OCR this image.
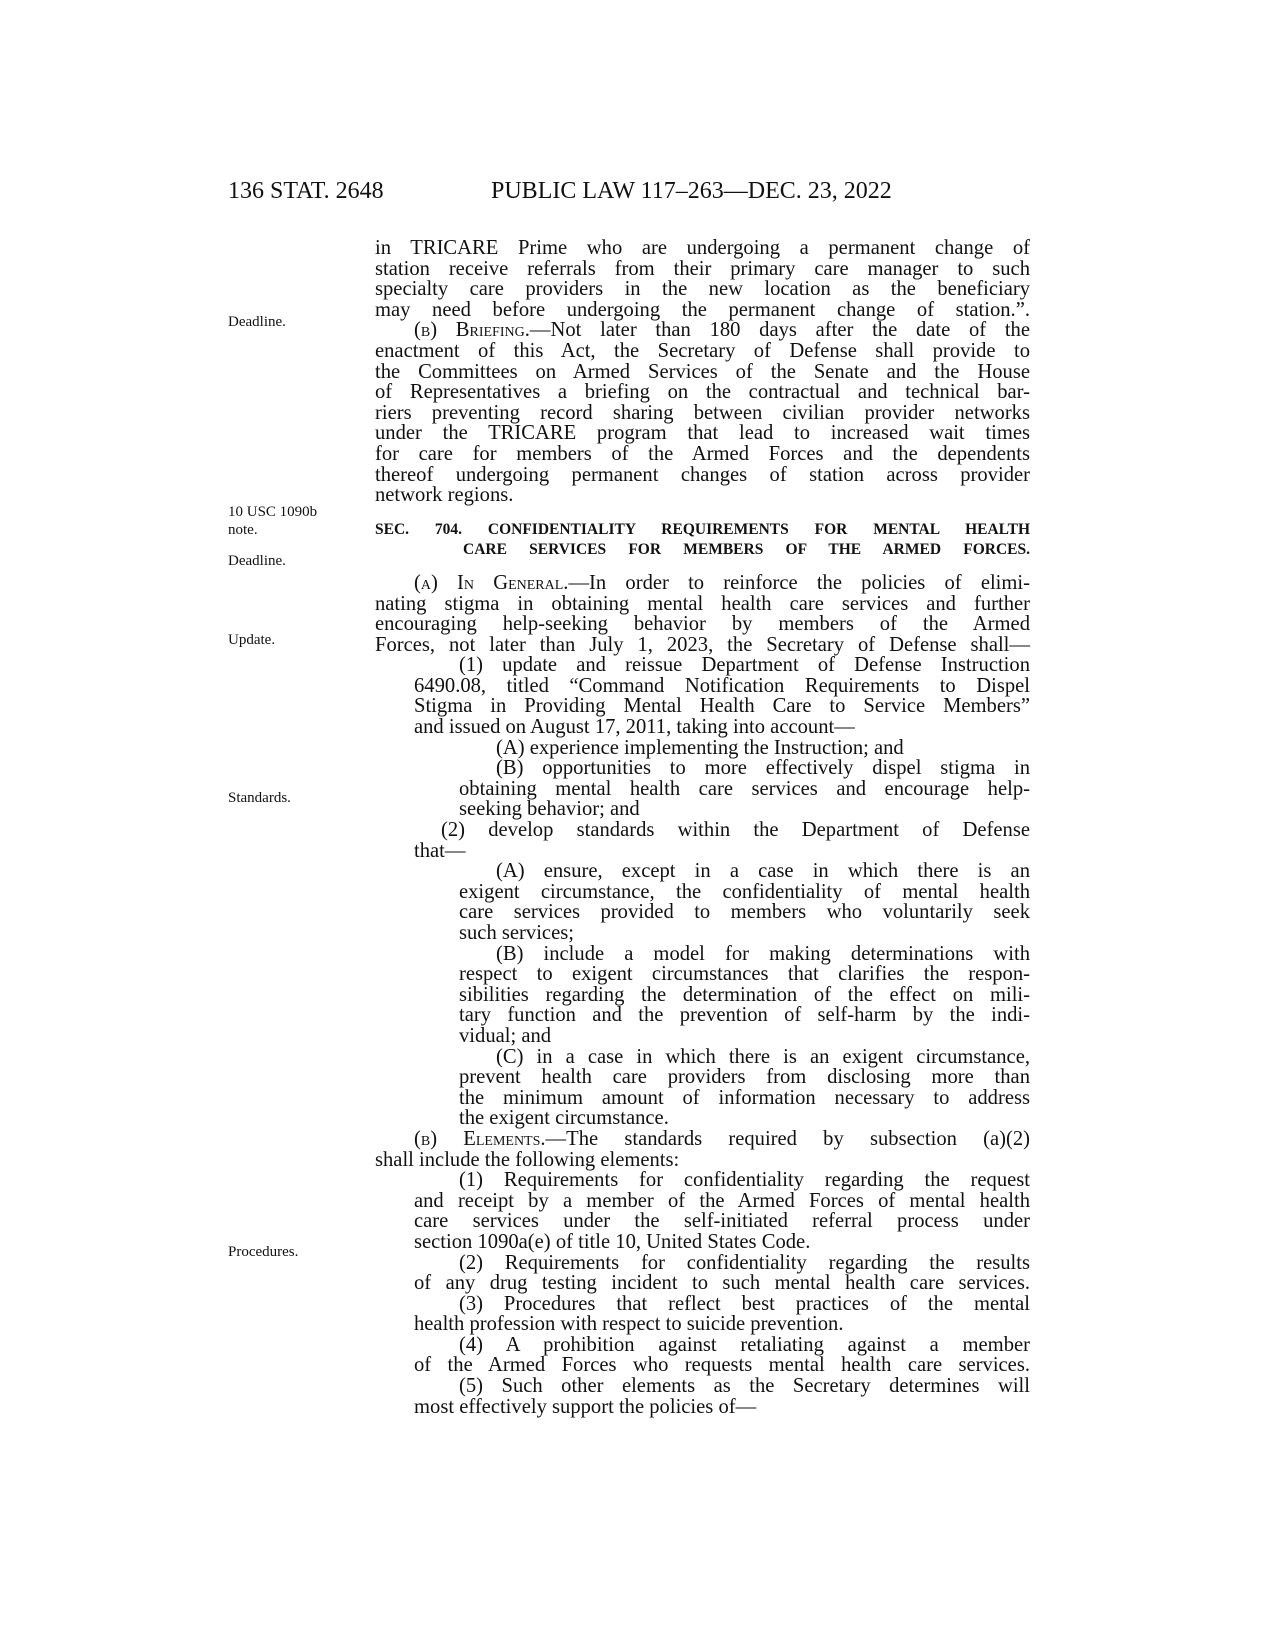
136 STAT. 2648	PUBLIC LAW 117–263—DEC. 23, 2022
Deadline.
10 USC 1090b
note.
Deadline.
Update.
Standards.
Procedures.
in TRICARE Prime who are undergoing a permanent change of
station receive referrals from their primary care manager to such
specialty care providers in the new location as the beneficiary
may need before undergoing the permanent change of station.”.
(b) Briefing.—Not later than 180 days after the date of the
enactment of this Act, the Secretary of Defense shall provide to
the Committees on Armed Services of the Senate and the House
of Representatives a briefing on the contractual and technical bar-
riers preventing record sharing between civilian provider networks
under the TRICARE program that lead to increased wait times
for care for members of the Armed Forces and the dependents
thereof undergoing permanent changes of station across provider
network regions.
SEC. 704. CONFIDENTIALITY REQUIREMENTS FOR MENTAL HEALTH
CARE SERVICES FOR MEMBERS OF THE ARMED FORCES.
(a) In General.—In order to reinforce the policies of elimi-
nating stigma in obtaining mental health care services and further
encouraging help-seeking behavior by members of the Armed
Forces, not later than July 1, 2023, the Secretary of Defense shall—
(1) update and reissue Department of Defense Instruction
6490.08, titled “Command Notification Requirements to Dispel
Stigma in Providing Mental Health Care to Service Members”
and issued on August 17, 2011, taking into account—
(A) experience implementing the Instruction; and
(B) opportunities to more effectively dispel stigma in
obtaining mental health care services and encourage help-
seeking behavior; and
(2) develop standards within the Department of Defense
that—
(A) ensure, except in a case in which there is an
exigent circumstance, the confidentiality of mental health
care services provided to members who voluntarily seek
such services;
(B) include a model for making determinations with
respect to exigent circumstances that clarifies the respon-
sibilities regarding the determination of the effect on mili-
tary function and the prevention of self-harm by the indi-
vidual; and
(C) in a case in which there is an exigent circumstance,
prevent health care providers from disclosing more than
the minimum amount of information necessary to address
the exigent circumstance.
(b) Elements.—The standards required by subsection (a)(2)
shall include the following elements:
(1) Requirements for confidentiality regarding the request
and receipt by a member of the Armed Forces of mental health
care services under the self-initiated referral process under
section 1090a(e) of title 10, United States Code.
(2) Requirements for confidentiality regarding the results
of any drug testing incident to such mental health care services.
(3) Procedures that reflect best practices of the mental
health profession with respect to suicide prevention.
(4) A prohibition against retaliating against a member
of the Armed Forces who requests mental health care services.
(5) Such other elements as the Secretary determines will
most effectively support the policies of—
